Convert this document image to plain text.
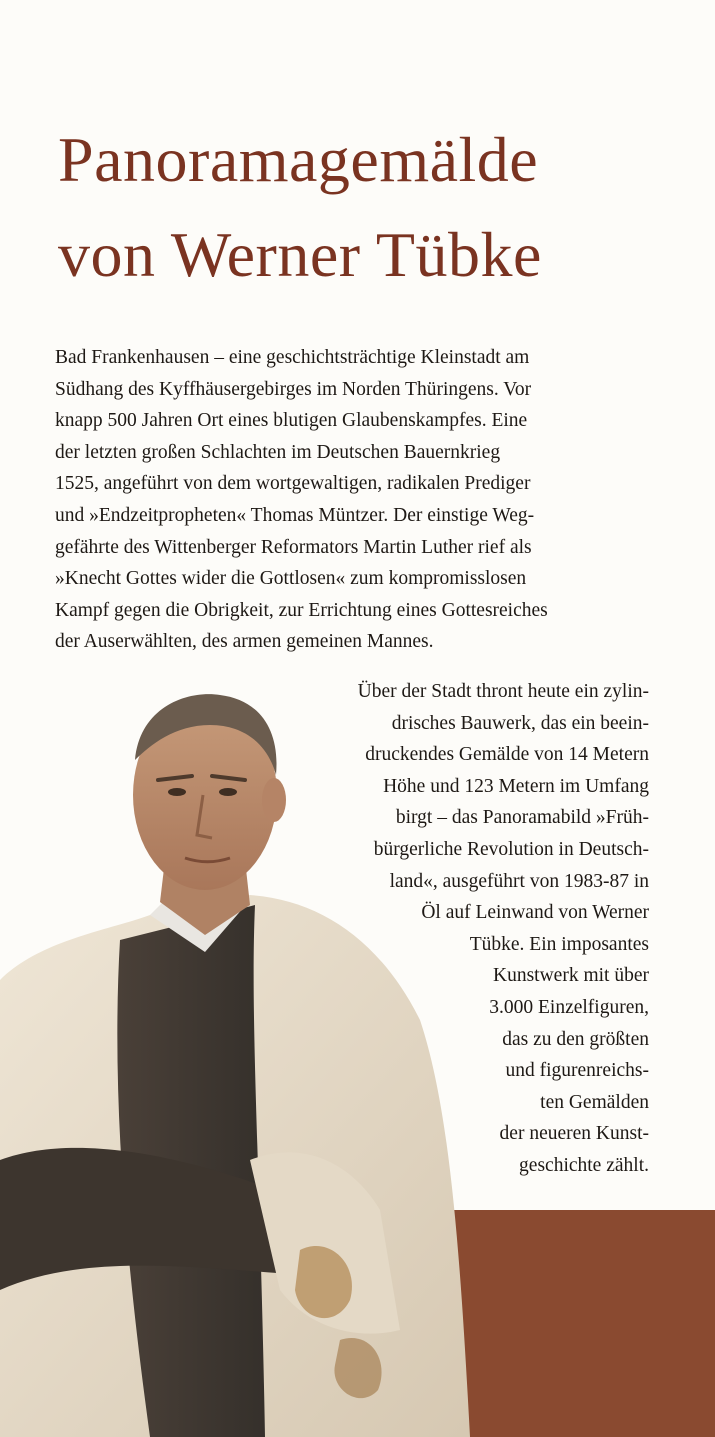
Panoramagemälde
von Werner Tübke
Bad Frankenhausen – eine geschichtsträchtige Kleinstadt am
Südhang des Kyffhäusergebirges im Norden Thüringens. Vor
knapp 500 Jahren Ort eines blutigen Glaubenskampfes. Eine
der letzten großen Schlachten im Deutschen Bauernkrieg
1525, angeführt von dem wortgewaltigen, radikalen Prediger
und »Endzeitpropheten« Thomas Müntzer. Der einstige Weg-
gefährte des Wittenberger Reformators Martin Luther rief als
»Knecht Gottes wider die Gottlosen« zum kompromisslosen
Kampf gegen die Obrigkeit, zur Errichtung eines Gottesreiches
der Auserwählten, des armen gemeinen Mannes.
Über der Stadt thront heute ein zylin-
drisches Bauwerk, das ein beein-
druckendes Gemälde von 14 Metern
Höhe und 123 Metern im Umfang
birgt – das Panoramabild »Früh-
bürgerliche Revolution in Deutsch-
land«, ausgeführt von 1983-87 in
Öl auf Leinwand von Werner
Tübke. Ein imposantes
Kunstwerk mit über
3.000 Einzelfiguren,
das zu den größten
und figurenreichs-
ten Gemälden
der neueren Kunst-
geschichte zählt.
